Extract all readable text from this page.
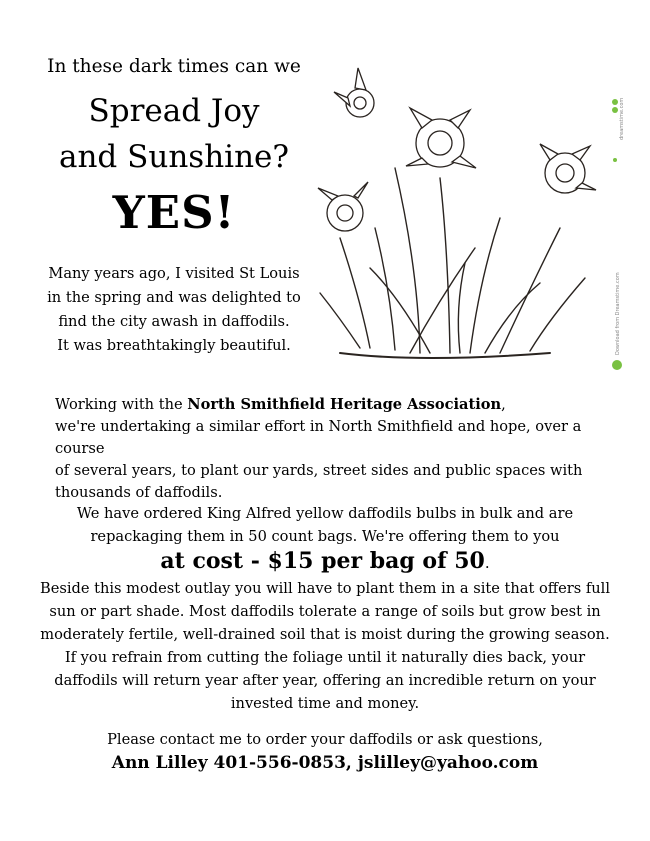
In these dark times can we
Spread Joy
and Sunshine?
YES!
Many years ago, I visited St Louis
in the spring and was delighted to
find the city awash in daffodils.
It was breathtakingly beautiful.
dreamstime.com
Download from Dreamstime.com
Working with the North Smithfield Heritage Association,
we're undertaking a similar effort in North Smithfield and hope, over a course
of several years, to plant our yards, street sides and public spaces with
thousands of daffodils.
We have ordered King Alfred yellow daffodils bulbs in bulk and are
repackaging them in 50 count bags. We're offering them to you
at cost - $15 per bag of 50.
Beside this modest outlay you will have to plant them in a site that offers full
sun or part shade. Most daffodils tolerate a range of soils but grow best in
moderately fertile, well-drained soil that is moist during the growing season.
If you refrain from cutting the foliage until it naturally dies back, your
daffodils will return year after year, offering an incredible return on your
invested time and money.
Please contact me to order your daffodils or ask questions,
Ann Lilley 401-556-0853, jslilley@yahoo.com
